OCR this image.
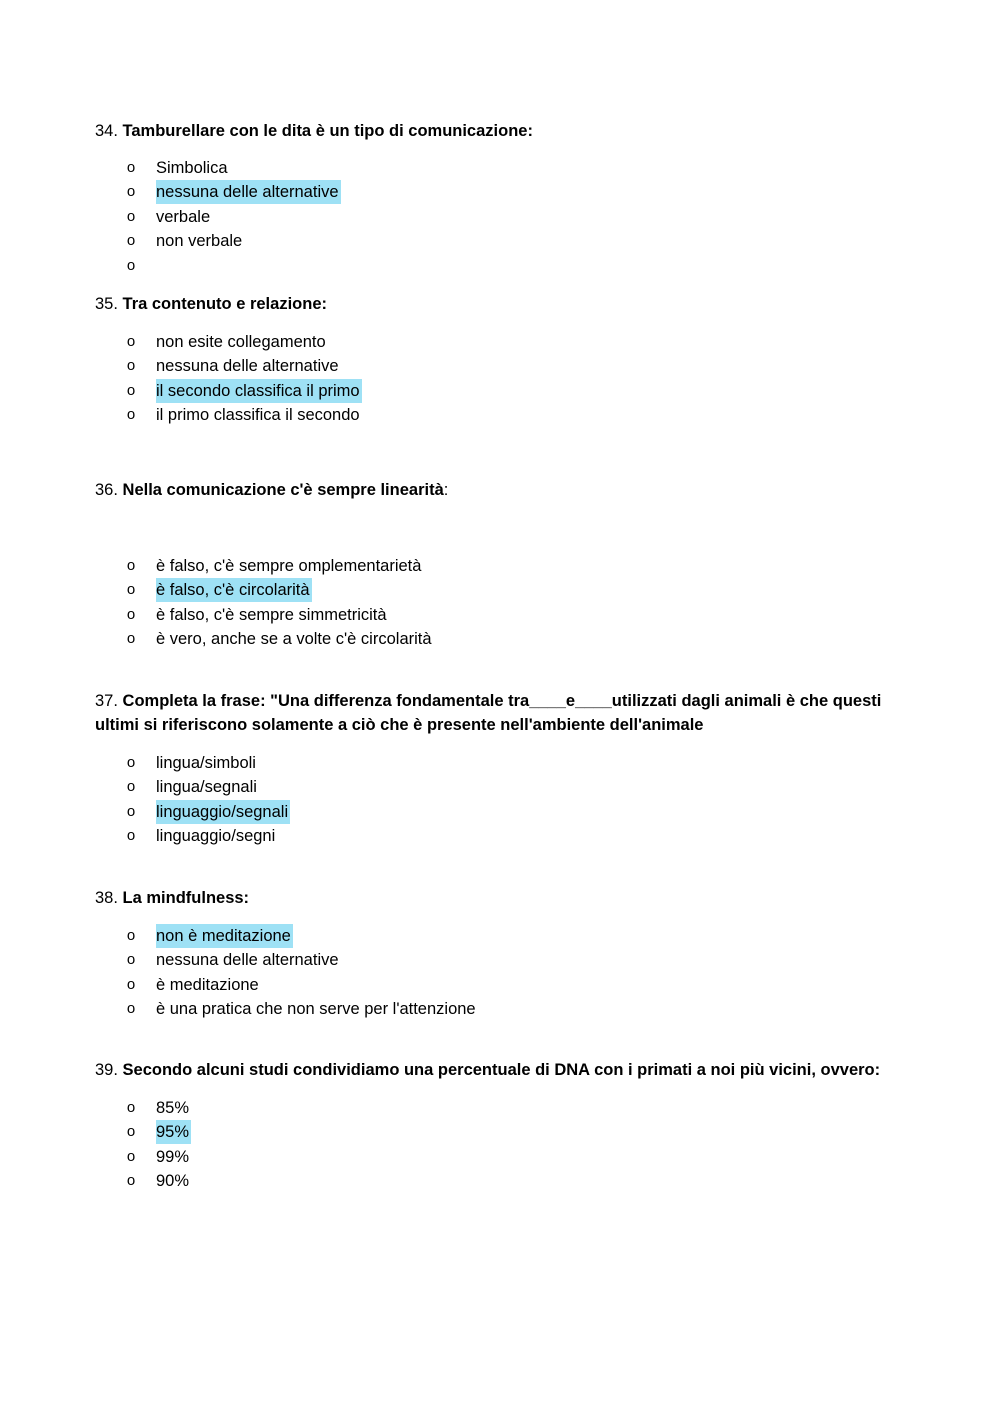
34. Tamburellare con le dita è un tipo di comunicazione:

o Simbolica
o nessuna delle alternative
o verbale
o non verbale
o

35. Tra contenuto e relazione:

o non esite collegamento
o nessuna delle alternative
o il secondo classifica il primo
o il primo classifica il secondo

36. Nella comunicazione c'è sempre linearità:

o è falso, c'è sempre omplementarietà
o è falso, c'è circolarità
o è falso, c'è sempre simmetricità
o è vero, anche se a volte c'è circolarità

37. Completa la frase: "Una differenza fondamentale tra____e____utilizzati dagli animali è che questi ultimi si riferiscono solamente a ciò che è presente nell'ambiente dell'animale

o lingua/simboli
o lingua/segnali
o linguaggio/segnali
o linguaggio/segni

38. La mindfulness:

o non è meditazione
o nessuna delle alternative
o è meditazione
o è una pratica che non serve per l'attenzione

39. Secondo alcuni studi condividiamo una percentuale di DNA con i primati a noi più vicini, ovvero:

o 85%
o 95%
o 99%
o 90%
